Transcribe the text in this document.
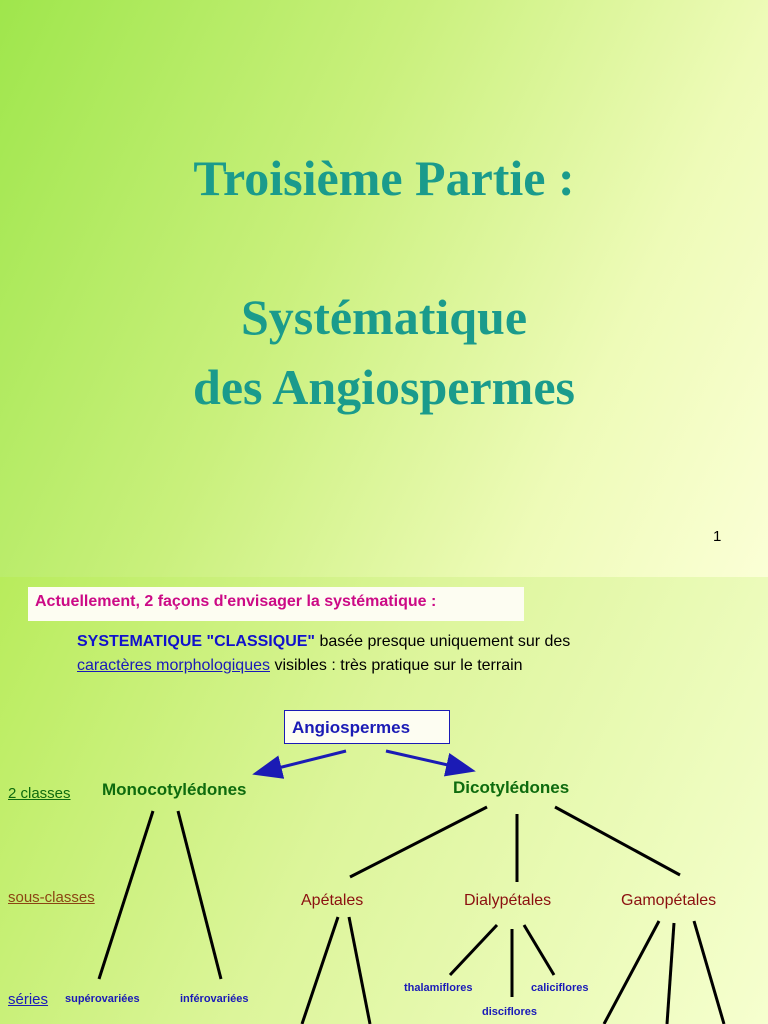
Troisième Partie :
Systématique
des Angiospermes
1
Actuellement, 2 façons d'envisager la systématique :
SYSTEMATIQUE "CLASSIQUE" basée presque uniquement sur des
caractères morphologiques visibles : très pratique sur le terrain
Angiospermes
2 classes
sous-classes
séries
Monocotylédones	Dicotylédones
Apétales	Dialypétales	Gamopétales
supérovariées	inférovariées
thalamiflores
disciflores
caliciflores
